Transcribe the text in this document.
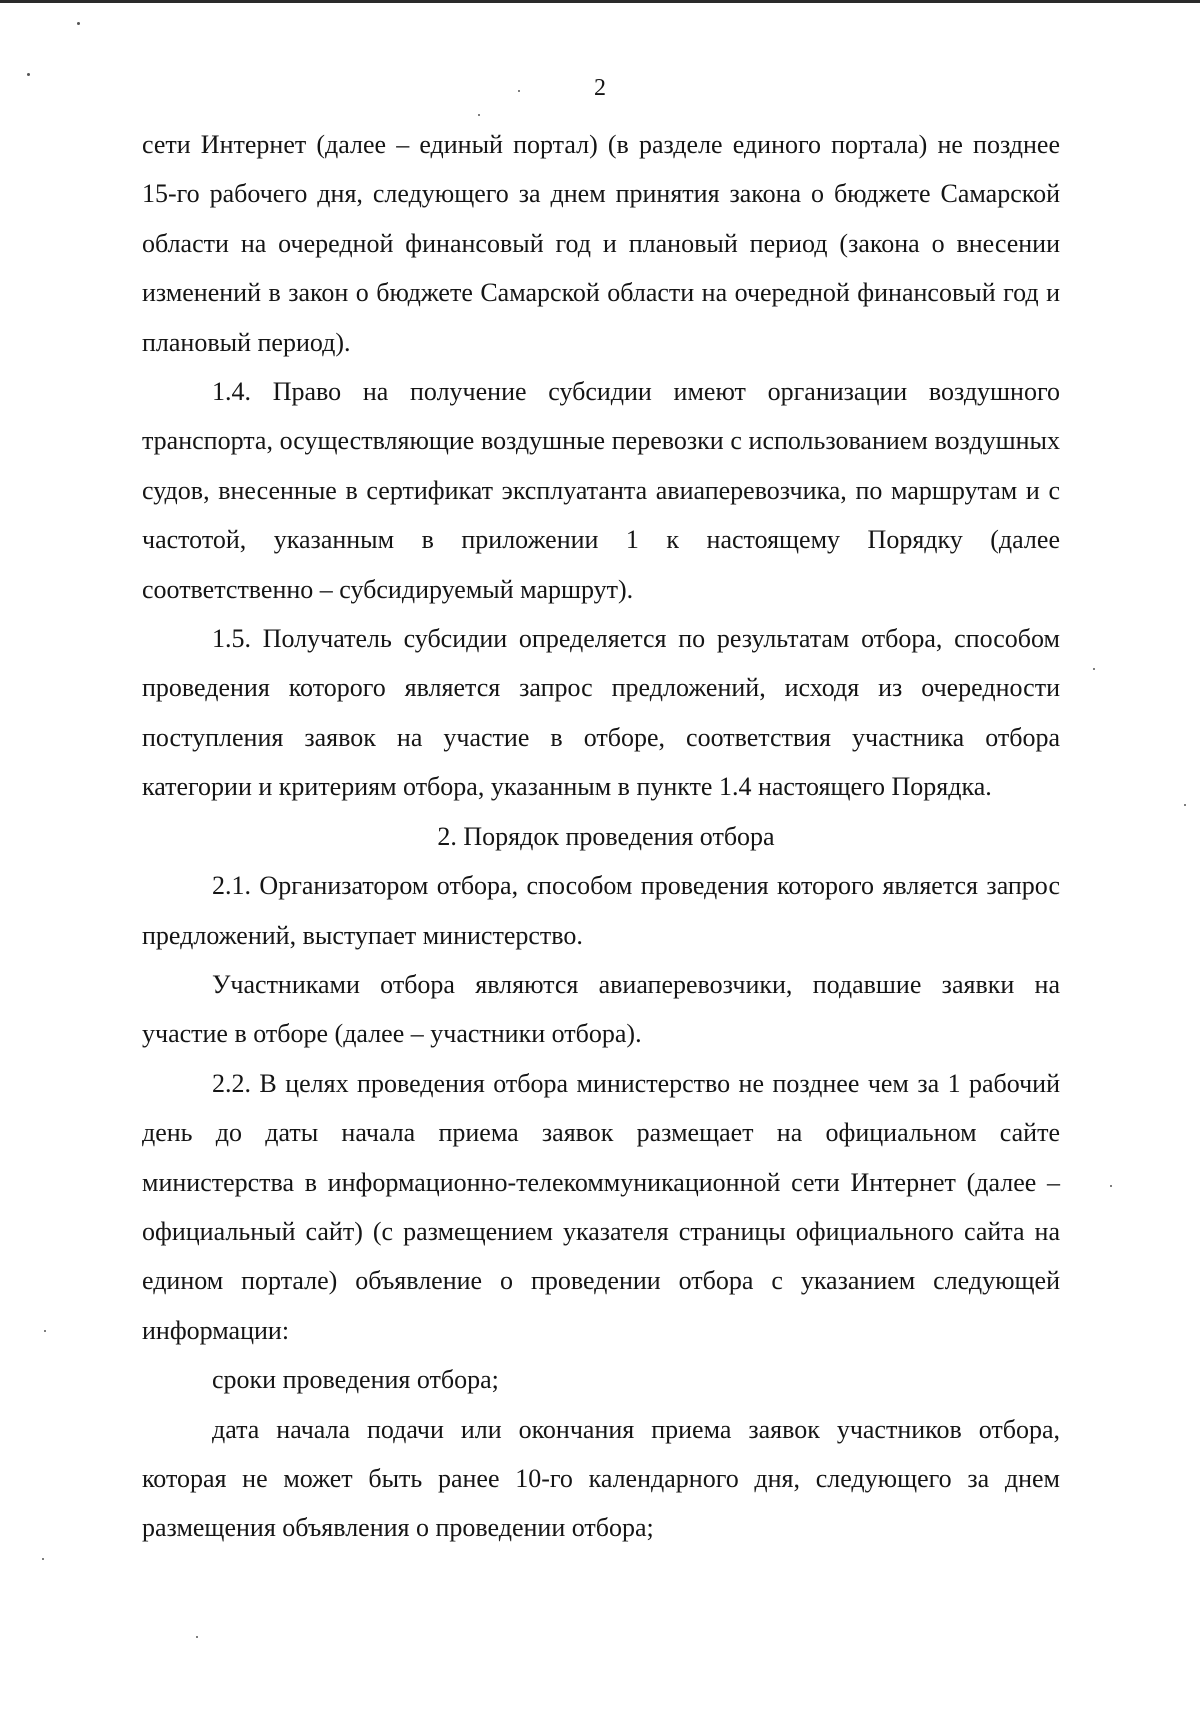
2

сети Интернет (далее – единый портал) (в разделе единого портала) не позднее 15-го рабочего дня, следующего за днем принятия закона о бюджете Самарской области на очередной финансовый год и плановый период (закона о внесении изменений в закон о бюджете Самарской области на очередной финансовый год и плановый период).

1.4. Право на получение субсидии имеют организации воздушного транспорта, осуществляющие воздушные перевозки с использованием воздушных судов, внесенные в сертификат эксплуатанта авиаперевозчика, по маршрутам и с частотой, указанным в приложении 1 к настоящему Порядку (далее соответственно – субсидируемый маршрут).

1.5. Получатель субсидии определяется по результатам отбора, способом проведения которого является запрос предложений, исходя из очередности поступления заявок на участие в отборе, соответствия участника отбора категории и критериям отбора, указанным в пункте 1.4 настоящего Порядка.

2. Порядок проведения отбора

2.1. Организатором отбора, способом проведения которого является запрос предложений, выступает министерство.

Участниками отбора являются авиаперевозчики, подавшие заявки на участие в отборе (далее – участники отбора).

2.2. В целях проведения отбора министерство не позднее чем за 1 рабочий день до даты начала приема заявок размещает на официальном сайте министерства в информационно-телекоммуникационной сети Интернет (далее – официальный сайт) (с размещением указателя страницы официального сайта на едином портале) объявление о проведении отбора с указанием следующей информации:

сроки проведения отбора;

дата начала подачи или окончания приема заявок участников отбора, которая не может быть ранее 10-го календарного дня, следующего за днем размещения объявления о проведении отбора;
